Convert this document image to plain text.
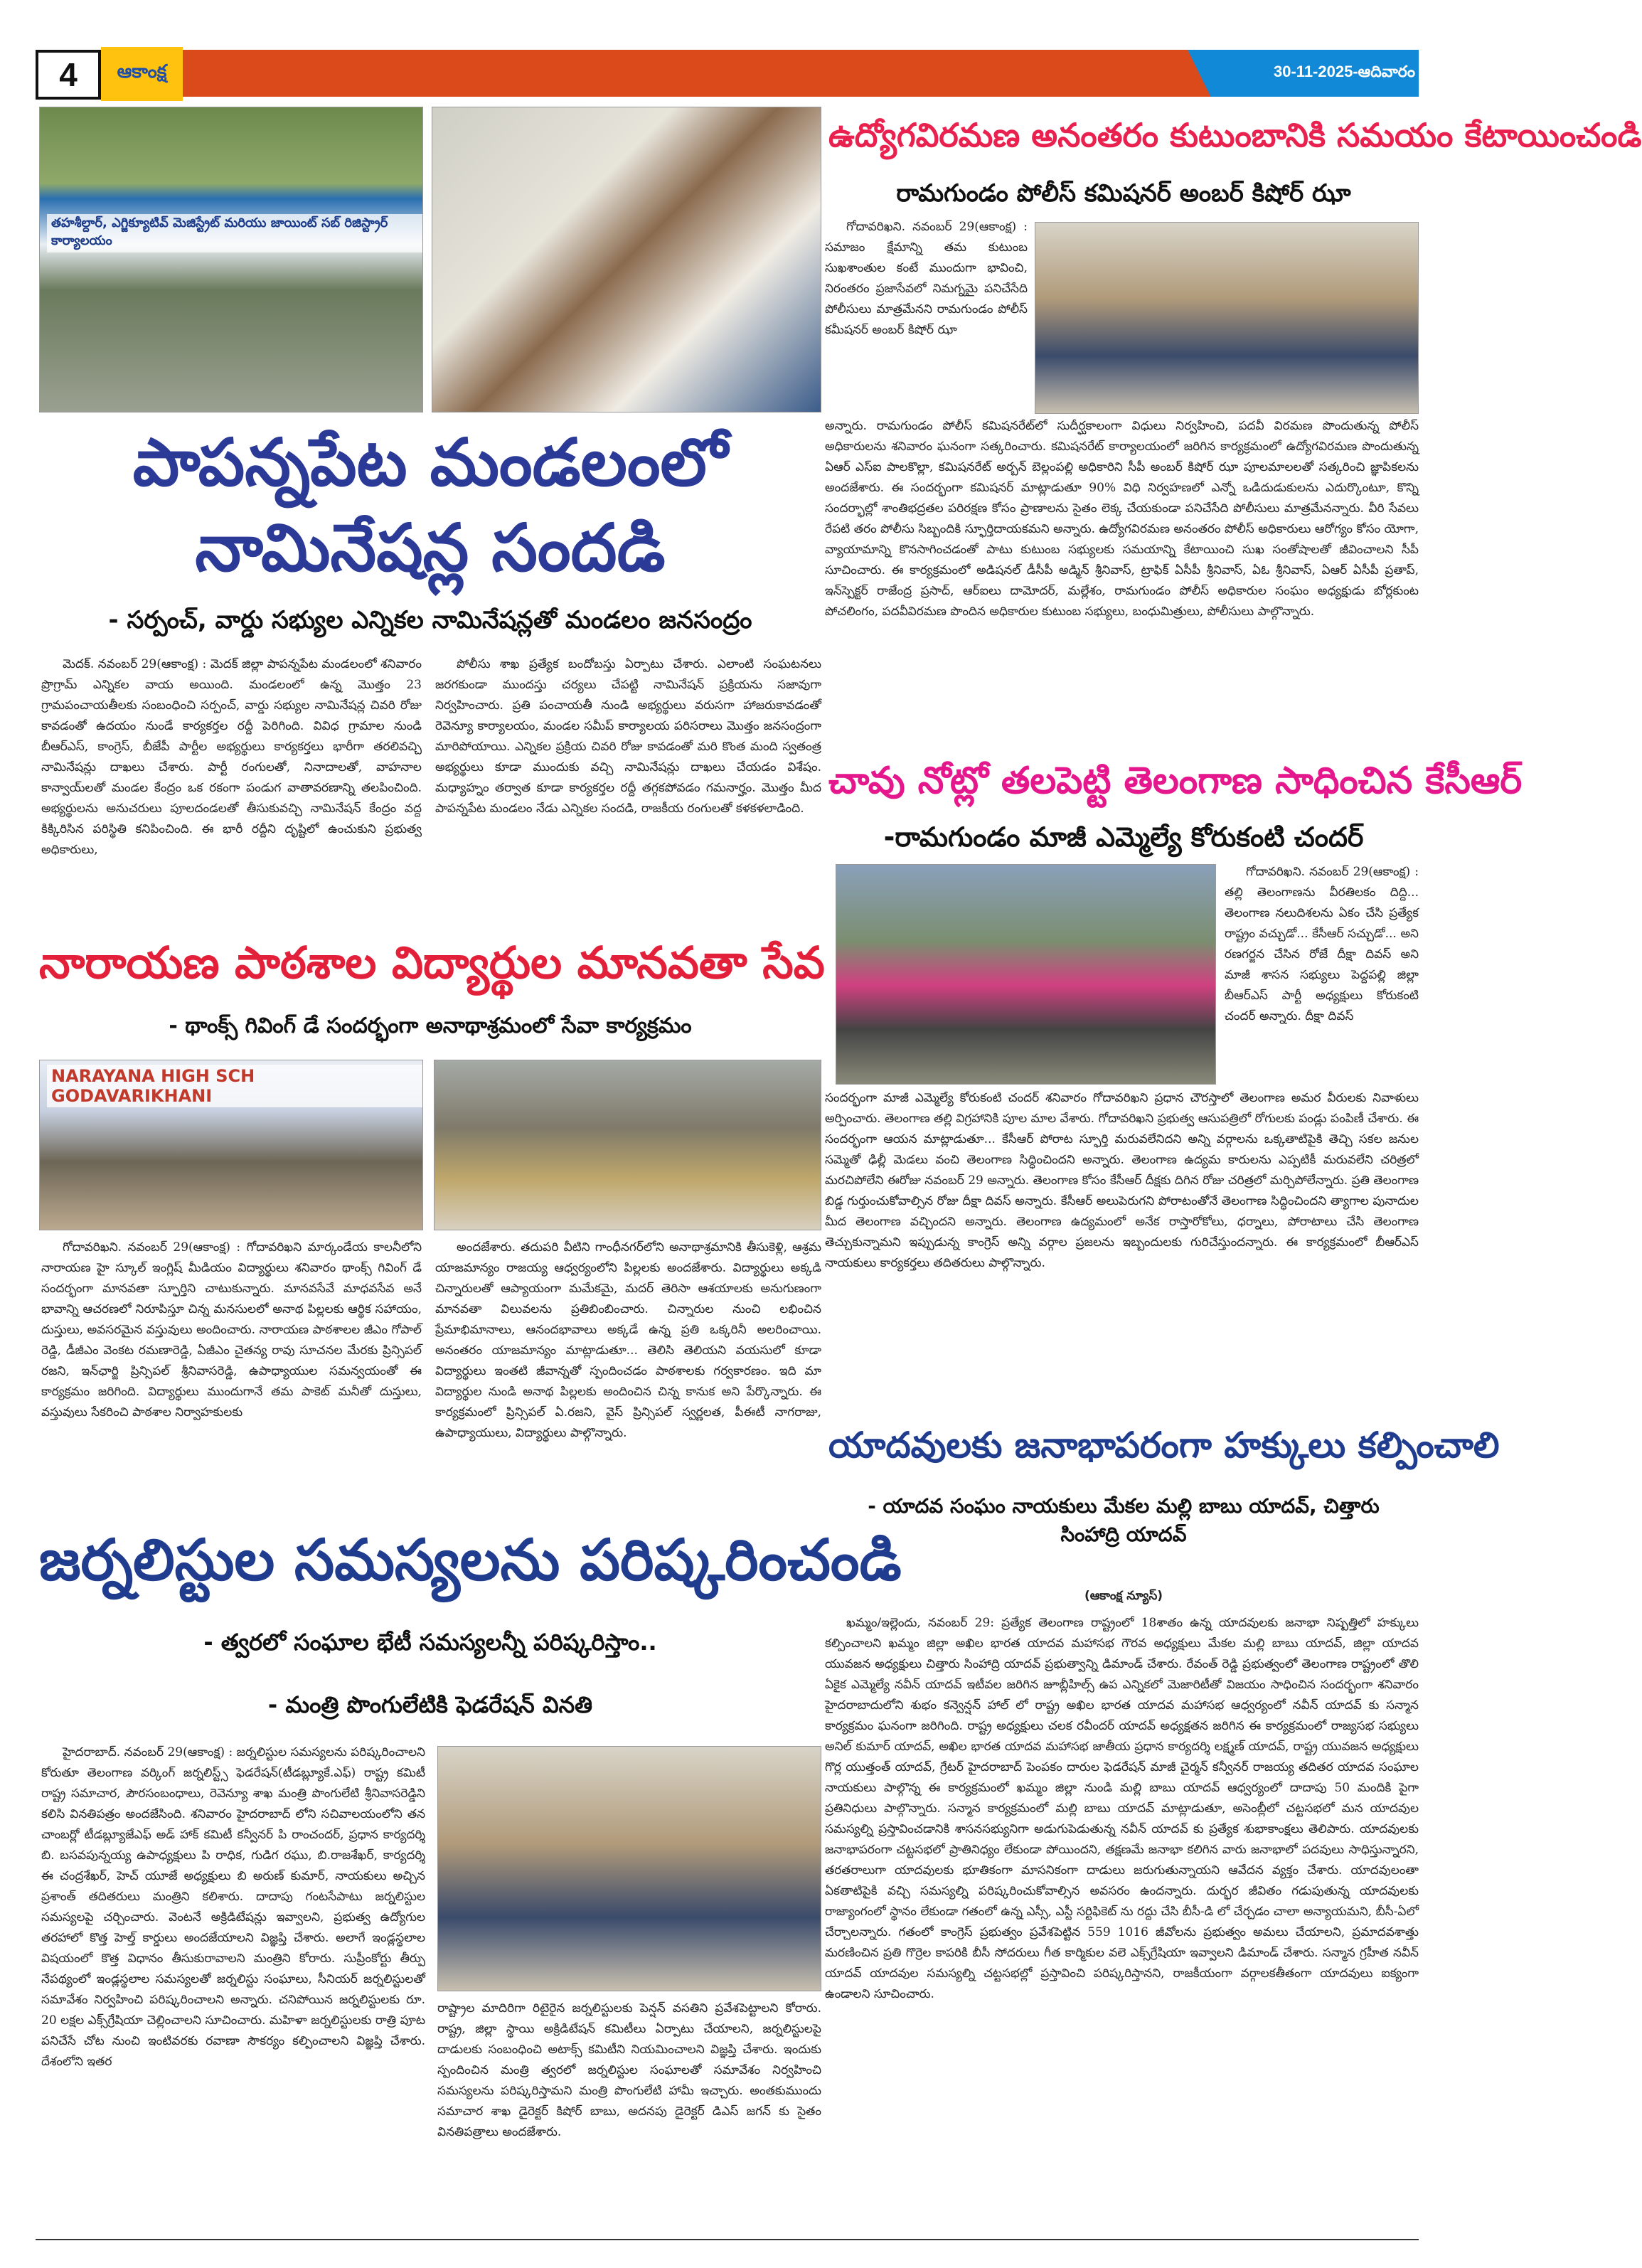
4	ఆకాంక్ష	30-11-2025-ఆదివారం
తహశీల్దార్, ఎగ్జిక్యూటివ్ మెజిస్ట్రేట్ మరియు జాయింట్ సబ్ రిజిస్ట్రార్ కార్యాలయం
పాపన్నపేట మండలంలో
నామినేషన్ల సందడి
- సర్పంచ్, వార్డు సభ్యుల ఎన్నికల నామినేషన్లతో మండలం జనసంద్రం
మెదక్. నవంబర్ 29(ఆకాంక్ష) : మెదక్ జిల్లా పాపన్నపేట మండలంలో శనివారం ప్రొగ్రామ్ ఎన్నికల వాయ అయింది. మండలంలో ఉన్న మొత్తం 23 గ్రామపంచాయతీలకు సంబంధించి సర్పంచ్, వార్డు సభ్యుల నామినేషన్ల చివరి రోజు కావడంతో ఉదయం నుండే కార్యకర్తల రద్దీ పెరిగింది. వివిధ గ్రామాల నుండి బీఆర్ఎస్, కాంగ్రెస్, బీజేపీ పార్టీల అభ్యర్థులు కార్యకర్తలు భారీగా తరలివచ్చి నామినేషన్లు దాఖలు చేశారు. పార్టీ రంగులతో, నినాదాలతో, వాహనాల కాన్వాయ్‌లతో మండల కేంద్రం ఒక రకంగా పండుగ వాతావరణాన్ని తలపించింది. అభ్యర్థులను అనుచరులు పూలదండలతో తీసుకువచ్చి నామినేషన్ కేంద్రం వద్ద కిక్కిరిసిన పరిస్థితి కనిపించింది. ఈ భారీ రద్దీని దృష్టిలో ఉంచుకుని ప్రభుత్వ అధికారులు,
పోలీసు శాఖ ప్రత్యేక బందోబస్తు ఏర్పాటు చేశారు. ఎలాంటి సంఘటనలు జరగకుండా ముందస్తు చర్యలు చేపట్టి నామినేషన్ ప్రక్రియను సజావుగా నిర్వహించారు. ప్రతి పంచాయతీ నుండి అభ్యర్థులు వరుసగా హాజరుకావడంతో రెవెన్యూ కార్యాలయం, మండల సమీప్ కార్యాలయ పరిసరాలు మొత్తం జనసంద్రంగా మారిపోయాయి. ఎన్నికల ప్రక్రియ చివరి రోజు కావడంతో మరి కొంత మంది స్వతంత్ర అభ్యర్థులు కూడా ముందుకు వచ్చి నామినేషన్లు దాఖలు చేయడం విశేషం. మధ్యాహ్నం తర్వాత కూడా కార్యకర్తల రద్దీ తగ్గకపోవడం గమనార్హం. మొత్తం మీద పాపన్నపేట మండలం నేడు ఎన్నికల సందడి, రాజకీయ రంగులతో కళకళలాడింది.
నారాయణ పాఠశాల విద్యార్థుల మానవతా సేవ
- థాంక్స్ గివింగ్ డే సందర్భంగా అనాథాశ్రమంలో సేవా కార్యక్రమం
NARAYANA HIGH SCH GODAVARIKHANI
గోదావరిఖని. నవంబర్ 29(ఆకాంక్ష) : గోదావరిఖని మార్కండేయ కాలనీలోని నారాయణ హై స్కూల్ ఇంగ్లిష్ మీడియం విద్యార్థులు శనివారం థాంక్స్ గివింగ్ డే సందర్భంగా మానవతా స్ఫూర్తిని చాటుకున్నారు. మానవసేవే మాధవసేవ అనే భావాన్ని ఆచరణలో నిరూపిస్తూ చిన్న మనసులలో అనాథ పిల్లలకు ఆర్థిక సహాయం, దుస్తులు, అవసరమైన వస్తువులు అందించారు. నారాయణ పాఠశాలల జీఎం గోపాల్ రెడ్డి, డీజీఎం వెంకట రమణారెడ్డి, ఏజీఎం చైతన్య రావు సూచనల మేరకు ప్రిన్సిపల్ రజని, ఇన్‌ఛార్జి ప్రిన్సిపల్ శ్రీనివాసరెడ్డి, ఉపాధ్యాయుల సమన్వయంతో ఈ కార్యక్రమం జరిగింది. విద్యార్థులు ముందుగానే తమ పాకెట్ మనీతో దుస్తులు, వస్తువులు సేకరించి పాఠశాల నిర్వాహకులకు
అందజేశారు. తదుపరి వీటిని గాంధీనగర్‌లోని అనాథాశ్రమానికి తీసుకెళ్లి, ఆశ్రమ యాజమాన్యం రాజయ్య ఆధ్వర్యంలోని పిల్లలకు అందజేశారు. విద్యార్థులు అక్కడి చిన్నారులతో ఆప్యాయంగా మమేకమై, మదర్ తెరిసా ఆశయాలకు అనుగుణంగా మానవతా విలువలను ప్రతిబింబించారు. చిన్నారుల నుంచి లభించిన ప్రేమాభిమానాలు, ఆనందభావాలు అక్కడే ఉన్న ప్రతి ఒక్కరినీ అలరించాయి. అనంతరం యాజమాన్యం మాట్లాడుతూ... తెలిసి తెలియని వయసులో కూడా విద్యార్థులు ఇంతటి జీవాన్నతో స్పందించడం పాఠశాలకు గర్వకారణం. ఇది మా విద్యార్థుల నుండి అనాథ పిల్లలకు అందించిన చిన్న కానుక అని పేర్కొన్నారు. ఈ కార్యక్రమంలో ప్రిన్సిపల్ ఏ.రజని, వైస్ ప్రిన్సిపల్ స్వర్ణలత, పీఈటీ నాగరాజు, ఉపాధ్యాయులు, విద్యార్థులు పాల్గొన్నారు.
జర్నలిస్టుల సమస్యలను పరిష్కరించండి
- త్వరలో సంఘాల భేటీ సమస్యలన్నీ పరిష్కరిస్తాం..
- మంత్రి పొంగులేటికి ఫెడరేషన్ వినతి
హైదరాబాద్. నవంబర్ 29(ఆకాంక్ష) : జర్నలిస్టుల సమస్యలను పరిష్కరించాలని కోరుతూ తెలంగాణ వర్కింగ్ జర్నలిస్ట్స్ ఫెడరేషన్(టీడబ్ల్యూకే.ఎఫ్) రాష్ట్ర కమిటీ రాష్ట్ర సమాచార, పౌరసంబంధాలు, రెవెన్యూ శాఖ మంత్రి పొంగులేటి శ్రీనివాసరెడ్డిని కలిసి వినతిపత్రం అందజేసింది. శనివారం హైదరాబాద్ లోని సచివాలయంలోని తన చాంబర్లో టీడబ్ల్యూజేఎఫ్ అడ్ హాక్ కమిటీ కన్వీనర్ పి రాంచందర్, ప్రధాన కార్యదర్శి బి. బసవపున్నయ్య ఉపాధ్యక్షులు పి రాధిక, గుడిగ రఘు, బి.రాజశేఖర్, కార్యదర్శి ఈ చంద్రశేఖర్, హెచ్ యూజే అధ్యక్షులు బి అరుణ్ కుమార్, నాయకులు అచ్చిన ప్రశాంత్ తదితరులు మంత్రిని కలిశారు. దాదాపు గంటసేపాటు జర్నలిస్టుల సమస్యలపై చర్చించారు. వెంటనే అక్రిడిటేషన్లు ఇవ్వాలని, ప్రభుత్వ ఉద్యోగుల తరహాలో కొత్త హెల్త్ కార్డులు అందజేయాలని విజ్ఞప్తి చేశారు. అలాగే ఇండ్లస్థలాల విషయంలో కొత్త విధానం తీసుకురావాలని మంత్రిని కోరారు. సుప్రీంకోర్టు తీర్పు నేపథ్యంలో ఇండ్లస్థలాల సమస్యలతో జర్నలిస్టు సంఘాలు, సీనియర్ జర్నలిస్టులతో సమావేశం నిర్వహించి పరిష్కరించాలని అన్నారు. చనిపోయిన జర్నలిస్టులకు రూ. 20 లక్షల ఎక్స్‌గ్రేషియా చెల్లించాలని సూచించారు. మహిళా జర్నలిస్టులకు రాత్రి పూట పనిచేసే చోట నుంచి ఇంటివరకు రవాణా సౌకర్యం కల్పించాలని విజ్ఞప్తి చేశారు. దేశంలోని ఇతర
రాష్ట్రాల మాదిరిగా రిటైరైన జర్నలిస్టులకు పెన్షన్ వసతిని ప్రవేశపెట్టాలని కోరారు. రాష్ట్ర, జిల్లా స్థాయి అక్రిడిటేషన్ కమిటీలు ఏర్పాటు చేయాలని, జర్నలిస్టులపై దాడులకు సంబంధించి అటాక్స్ కమిటీని నియమించాలని విజ్ఞప్తి చేశారు. ఇందుకు స్పందించిన మంత్రి త్వరలో జర్నలిస్టుల సంఘాలతో సమావేశం నిర్వహించి సమస్యలను పరిష్కరిస్తామని మంత్రి పొంగులేటి హామీ ఇచ్చారు. అంతకుముందు సమాచార శాఖ డైరెక్టర్ కిషోర్ బాబు, అదనపు డైరెక్టర్ డిఎస్ జగన్ కు సైతం వినతిపత్రాలు అందజేశారు.
ఉద్యోగవిరమణ అనంతరం కుటుంబానికి సమయం కేటాయించండి
రామగుండం పోలీస్ కమిషనర్ అంబర్ కిషోర్ ఝా
గోదావరిఖని. నవంబర్ 29(ఆకాంక్ష) : సమాజం క్షేమాన్ని తమ కుటుంబ సుఖశాంతుల కంటే ముందుగా భావించి, నిరంతరం ప్రజాసేవలో నిమగ్నమై పనిచేసేది పోలీసులు మాత్రమేనని రామగుండం పోలీస్ కమీషనర్ అంబర్ కిషోర్ ఝా
అన్నారు. రామగుండం పోలీస్ కమిషనరేట్‌లో సుదీర్ఘకాలంగా విధులు నిర్వహించి, పదవీ విరమణ పొందుతున్న పోలీస్ అధికారులను శనివారం ఘనంగా సత్కరించారు. కమిషనరేట్ కార్యాలయంలో జరిగిన కార్యక్రమంలో ఉద్యోగవిరమణ పొందుతున్న ఏఆర్ ఎస్ఐ పాలకొల్లా, కమిషనరేట్ అర్బన్ బెల్లంపల్లి అధికారిని సీపీ అంబర్ కిషోర్ ఝా పూలమాలలతో సత్కరించి జ్ఞాపికలను అందజేశారు. ఈ సందర్భంగా కమిషనర్ మాట్లాడుతూ 90% విధి నిర్వహణలో ఎన్నో ఒడిదుడుకులను ఎదుర్కొంటూ, కొన్ని సందర్భాల్లో శాంతిభద్రతల పరిరక్షణ కోసం ప్రాణాలను సైతం లెక్క చేయకుండా పనిచేసేది పోలీసులు మాత్రమేనన్నారు. వీరి సేవలు రేపటి తరం పోలీసు సిబ్బందికి స్ఫూర్తిదాయకమని అన్నారు. ఉద్యోగవిరమణ అనంతరం పోలీస్ అధికారులు ఆరోగ్యం కోసం యోగా, వ్యాయామాన్ని కొనసాగించడంతో పాటు కుటుంబ సభ్యులకు సమయాన్ని కేటాయించి సుఖ సంతోషాలతో జీవించాలని సీపీ సూచించారు. ఈ కార్యక్రమంలో అడిషనల్ డీసీపీ అడ్మిన్ శ్రీనివాస్, ట్రాఫిక్ ఏసీపీ శ్రీనివాస్, ఏఓ శ్రీనివాస్, ఏఆర్ ఏసీపీ ప్రతాప్, ఇన్‌స్పెక్టర్ రాజేంద్ర ప్రసాద్, ఆర్ఐలు దామోదర్, మల్లేశం, రామగుండం పోలీస్ అధికారుల సంఘం అధ్యక్షుడు బోర్లకుంట పోచలింగం, పదవీవిరమణ పొందిన అధికారుల కుటుంబ సభ్యులు, బంధుమిత్రులు, పోలీసులు పాల్గొన్నారు.
చావు నోట్లో తలపెట్టి తెలంగాణ సాధించిన కేసీఆర్
-రామగుండం మాజీ ఎమ్మెల్యే కోరుకంటి చందర్
గోదావరిఖని. నవంబర్ 29(ఆకాంక్ష) : తల్లి తెలంగాణను వీరతిలకం దిద్ది... తెలంగాణ నలుదిశలను ఏకం చేసి ప్రత్యేక రాష్ట్రం వచ్చుడో... కేసీఆర్ సచ్చుడో... అని రణగర్జన చేసిన రోజే దీక్షా దివస్ అని మాజీ శాసన సభ్యులు పెద్దపల్లి జిల్లా బీఆర్ఎస్ పార్టీ అధ్యక్షులు కోరుకంటి చందర్ అన్నారు. దీక్షా దివస్
సందర్భంగా మాజీ ఎమ్మెల్యే కోరుకంటి చందర్ శనివారం గోదావరిఖని ప్రధాన చౌరస్తాలో తెలంగాణ అమర వీరులకు నివాళులు అర్పించారు. తెలంగాణ తల్లి విగ్రహానికి పూల మాల వేశారు. గోదావరిఖని ప్రభుత్వ ఆసుపత్రిలో రోగులకు పండ్లు పంపిణీ చేశారు. ఈ సందర్భంగా ఆయన మాట్లాడుతూ... కేసీఆర్ పోరాట స్ఫూర్తి మరువలేనిదని అన్ని వర్గాలను ఒక్కతాటిపైకి తెచ్చి సకల జనుల సమ్మెతో ఢిల్లీ మెడలు వంచి తెలంగాణ సిద్ధించిందని అన్నారు. తెలంగాణ ఉద్యమ కారులను ఎప్పటికీ మరువలేని చరిత్రలో మరచిపోలేని ఈరోజు నవంబర్ 29 అన్నారు. తెలంగాణ కోసం కేసీఆర్ దీక్షకు దిగిన రోజు చరిత్రలో మర్చిపోలేన్నారు. ప్రతి తెలంగాణ బిడ్డ గుర్తుంచుకోవాల్సిన రోజు దీక్షా దివస్ అన్నారు. కేసీఆర్ అలుపెరుగని పోరాటంతోనే తెలంగాణ సిద్ధించిందని త్యాగాల పునాదుల మీద తెలంగాణ వచ్చిందని అన్నారు. తెలంగాణ ఉద్యమంలో అనేక రాస్తారోకోలు, ధర్నాలు, పోరాటాలు చేసి తెలంగాణ తెచ్చుకున్నామని ఇప్పుడున్న కాంగ్రెస్ అన్ని వర్గాల ప్రజలను ఇబ్బందులకు గురిచేస్తుందన్నారు. ఈ కార్యక్రమంలో బీఆర్ఎస్ నాయకులు కార్యకర్తలు తదితరులు పాల్గొన్నారు.
యాదవులకు జనాభాపరంగా హక్కులు కల్పించాలి
- యాదవ సంఘం నాయకులు మేకల మల్లి బాబు యాదవ్, చిత్తారు సింహాద్రి యాదవ్
(ఆకాంక్ష న్యూస్)
ఖమ్మం/ఇల్లెందు, నవంబర్ 29: ప్రత్యేక తెలంగాణ రాష్ట్రంలో 18శాతం ఉన్న యాదవులకు జనాభా నిష్పత్తిలో హక్కులు కల్పించాలని ఖమ్మం జిల్లా అఖిల భారత యాదవ మహాసభ గౌరవ అధ్యక్షులు మేకల మల్లి బాబు యాదవ్, జిల్లా యాదవ యువజన అధ్యక్షులు చిత్తారు సింహాద్రి యాదవ్ ప్రభుత్వాన్ని డిమాండ్ చేశారు. రేవంత్ రెడ్డి ప్రభుత్వంలో తెలంగాణ రాష్ట్రంలో తొలి ఏకైక ఎమ్మెల్యే నవీన్ యాదవ్ ఇటీవల జరిగిన జూబ్లీహిల్స్ ఉప ఎన్నికలో మెజారిటీతో విజయం సాధించిన సందర్భంగా శనివారం హైదరాబాదులోని శుభం కన్వెన్షన్ హాల్ లో రాష్ట్ర అఖిల భారత యాదవ మహాసభ ఆధ్వర్యంలో నవీన్ యాదవ్ కు సన్మాన కార్యక్రమం ఘనంగా జరిగింది. రాష్ట్ర అధ్యక్షులు చలక రవీందర్ యాదవ్ అధ్యక్షతన జరిగిన ఈ కార్యక్రమంలో రాజ్యసభ సభ్యులు అనిల్ కుమార్ యాదవ్, అఖిల భారత యాదవ మహాసభ జాతీయ ప్రధాన కార్యదర్శి లక్ష్మణ్ యాదవ్, రాష్ట్ర యువజన అధ్యక్షులు గొర్ల యుత్తంత్ యాదవ్, గ్రేటర్ హైదరాబాద్ పెంపకం దారుల ఫెడరేషన్ మాజీ చైర్మన్ కన్వీనర్ రాజయ్య తదితర యాదవ సంఘాల నాయకులు పాల్గొన్న ఈ కార్యక్రమంలో ఖమ్మం జిల్లా నుండి మల్లి బాబు యాదవ్ ఆధ్వర్యంలో దాదాపు 50 మందికి పైగా ప్రతినిధులు పాల్గొన్నారు. సన్మాన కార్యక్రమంలో మల్లి బాబు యాదవ్ మాట్లాడుతూ, అసెంబ్లీలో చట్టసభలో మన యాదవుల సమస్యల్ని ప్రస్తావించడానికి శాసనసభ్యునిగా అడుగుపెడుతున్న నవీన్ యాదవ్ కు ప్రత్యేక శుభాకాంక్షలు తెలిపారు. యాదవులకు జనాభాపరంగా చట్టసభలో ప్రాతినిధ్యం లేకుండా పోయిందని, తక్షణమే జనాభా కలిగిన వారు జనాభాలో పదవులు సాధిస్తున్నారని, తరతరాలుగా యాదవులకు భూతికంగా మాసనికంగా దాడులు జరుగుతున్నాయని ఆవేదన వ్యక్తం చేశారు. యాదవులంతా ఏకతాటిపైకి వచ్చి సమస్యల్ని పరిష్కరించుకోవాల్సిన అవసరం ఉందన్నారు. దుర్భర జీవితం గడుపుతున్న యాదవులకు రాజ్యాంగంలో స్థానం లేకుండా గతంలో ఉన్న ఎస్సీ, ఎస్టీ సర్టిఫికెట్ ను రద్దు చేసి బీసీ-డి లో చేర్చడం చాలా అన్యాయమని, బీసీ-ఏలో చేర్చాలన్నారు. గతంలో కాంగ్రెస్ ప్రభుత్వం ప్రవేశపెట్టిన 559 1016 జీవోలను ప్రభుత్వం అమలు చేయాలని, ప్రమాదవశాత్తు మరణించిన ప్రతి గొర్రెల కాపరికి బీసీ సోదరులు గీత కార్మికుల వలె ఎక్స్‌గ్రేషియా ఇవ్వాలని డిమాండ్ చేశారు. సన్మాన గ్రహీత నవీన్ యాదవ్ యాదవుల సమస్యల్ని చట్టసభల్లో ప్రస్తావించి పరిష్కరిస్తానని, రాజకీయంగా వర్గాలకతీతంగా యాదవులు ఐక్యంగా ఉండాలని సూచించారు.
